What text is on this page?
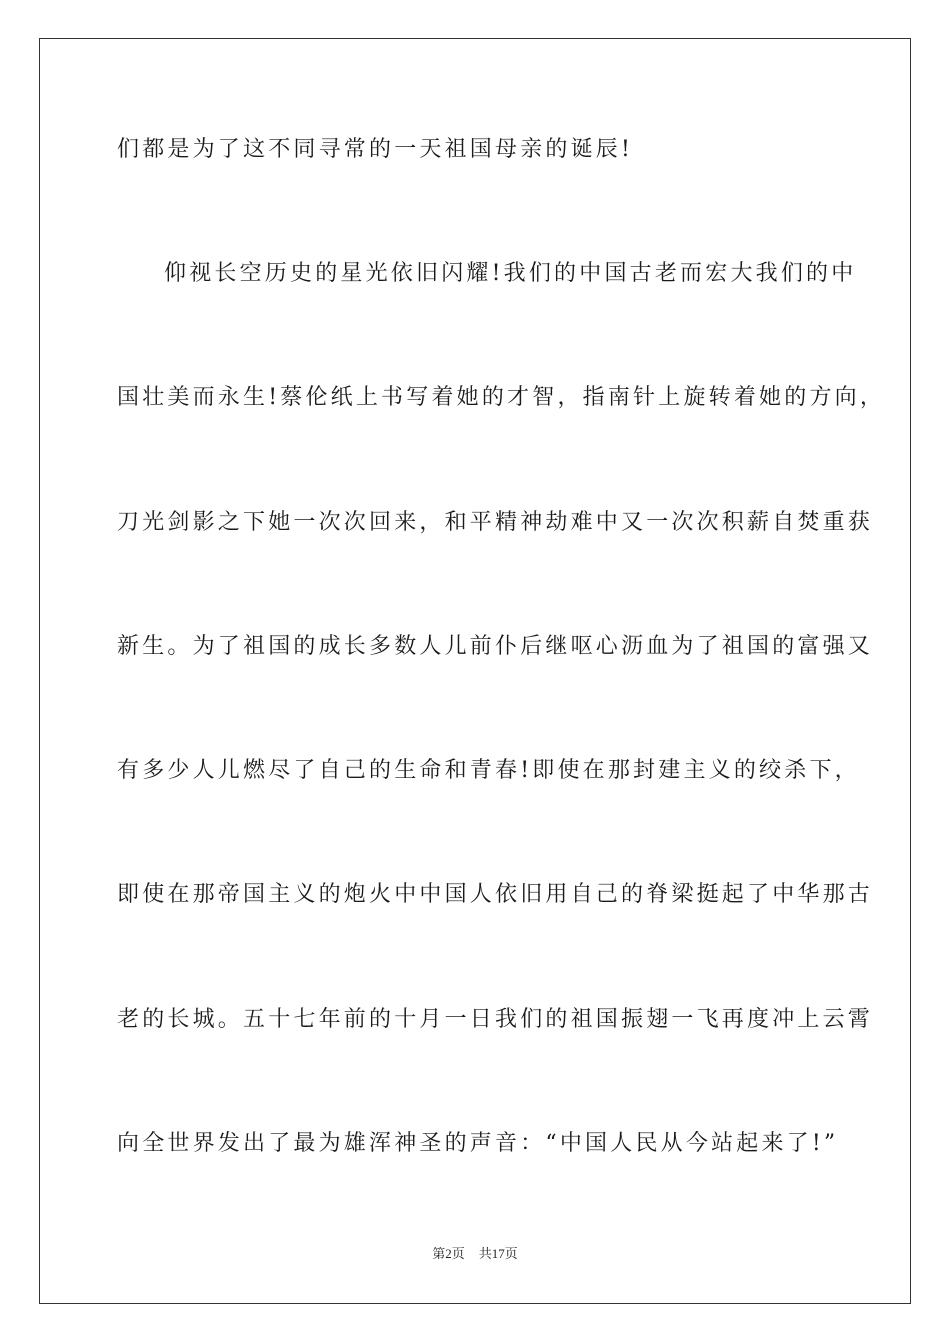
们都是为了这不同寻常的一天祖国母亲的诞辰!

仰视长空历史的星光依旧闪耀!我们的中国古老而宏大我们的中

国壮美而永生!蔡伦纸上书写着她的才智，指南针上旋转着她的方向，

刀光剑影之下她一次次回来，和平精神劫难中又一次次积薪自焚重获

新生。为了祖国的成长多数人儿前仆后继呕心沥血为了祖国的富强又

有多少人儿燃尽了自己的生命和青春!即使在那封建主义的绞杀下，

即使在那帝国主义的炮火中中国人依旧用自己的脊梁挺起了中华那古

老的长城。五十七年前的十月一日我们的祖国振翅一飞再度冲上云霄

向全世界发出了最为雄浑神圣的声音：“中国人民从今站起来了!”

第2页 共17页
